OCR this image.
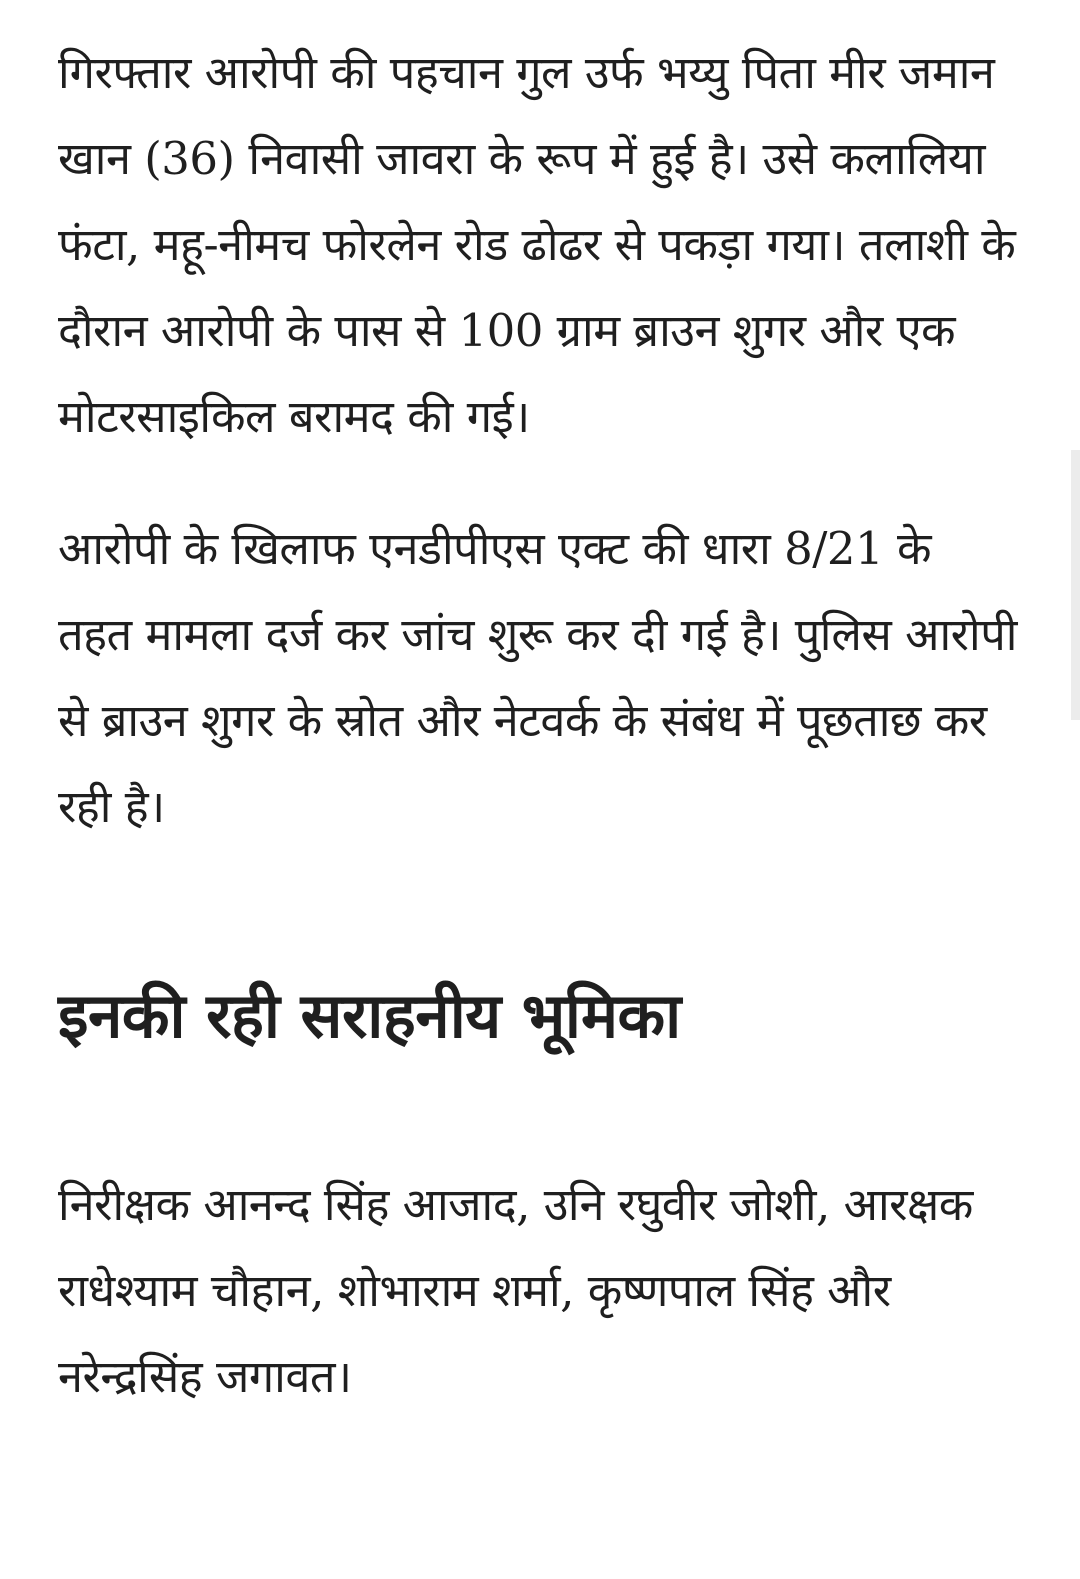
गिरफ्तार आरोपी की पहचान गुल उर्फ भय्यु पिता मीर जमान खान (36) निवासी जावरा के रूप में हुई है। उसे कलालिया फंटा, महू-नीमच फोरलेन रोड ढोढर से पकड़ा गया। तलाशी के दौरान आरोपी के पास से 100 ग्राम ब्राउन शुगर और एक मोटरसाइकिल बरामद की गई।

आरोपी के खिलाफ एनडीपीएस एक्ट की धारा 8/21 के तहत मामला दर्ज कर जांच शुरू कर दी गई है। पुलिस आरोपी से ब्राउन शुगर के स्रोत और नेटवर्क के संबंध में पूछताछ कर रही है।

इनकी रही सराहनीय भूमिका

निरीक्षक आनन्द सिंह आजाद, उनि रघुवीर जोशी, आरक्षक राधेश्याम चौहान, शोभाराम शर्मा, कृष्णपाल सिंह और नरेन्द्रसिंह जगावत।
